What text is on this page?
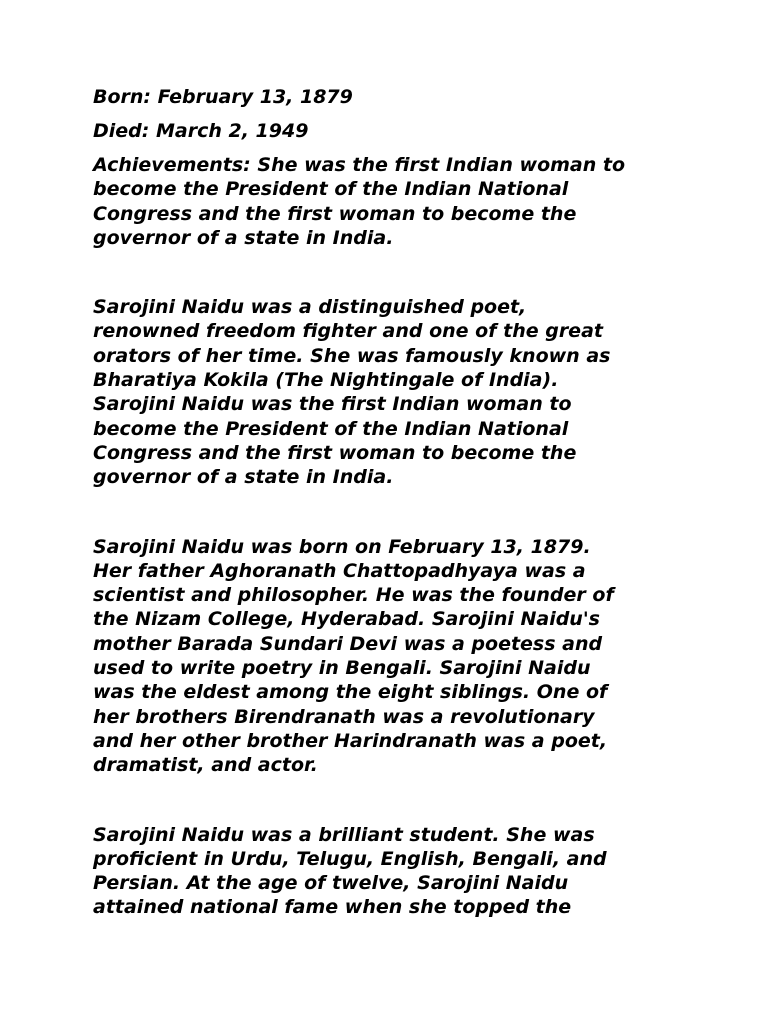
Born: February 13, 1879
Died: March 2, 1949
Achievements: She was the first Indian woman to
become the President of the Indian National
Congress and the first woman to become the
governor of a state in India.
Sarojini Naidu was a distinguished poet,
renowned freedom fighter and one of the great
orators of her time. She was famously known as
Bharatiya Kokila (The Nightingale of India).
Sarojini Naidu was the first Indian woman to
become the President of the Indian National
Congress and the first woman to become the
governor of a state in India.
Sarojini Naidu was born on February 13, 1879.
Her father Aghoranath Chattopadhyaya was a
scientist and philosopher. He was the founder of
the Nizam College, Hyderabad. Sarojini Naidu's
mother Barada Sundari Devi was a poetess and
used to write poetry in Bengali. Sarojini Naidu
was the eldest among the eight siblings. One of
her brothers Birendranath was a revolutionary
and her other brother Harindranath was a poet,
dramatist, and actor.
Sarojini Naidu was a brilliant student. She was
proficient in Urdu, Telugu, English, Bengali, and
Persian. At the age of twelve, Sarojini Naidu
attained national fame when she topped the
